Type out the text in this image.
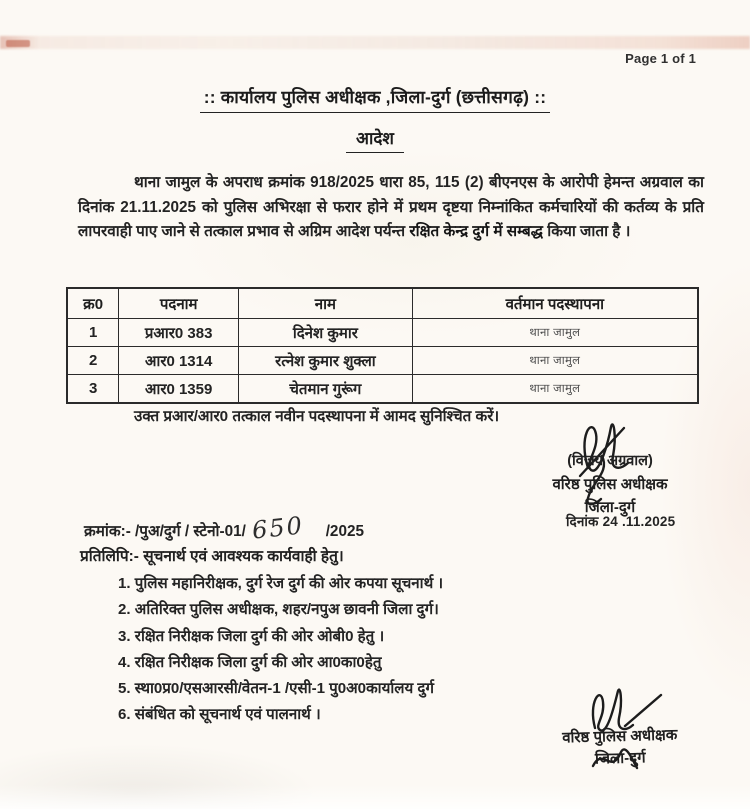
Page 1 of 1
:: कार्यालय पुलिस अधीक्षक ,जिला-दुर्ग (छत्तीसगढ़) ::
आदेश
थाना जामुल के अपराध क्रमांक 918/2025 धारा 85, 115 (2) बीएनएस के आरोपी हेमन्त अग्रवाल का दिनांक 21.11.2025 को पुलिस अभिरक्षा से फरार होने में प्रथम दृष्टया निम्नांकित कर्मचारियों की कर्तव्य के प्रति लापरवाही पाए जाने से तत्काल प्रभाव से अग्रिम आदेश पर्यन्त रक्षित केन्द्र दुर्ग में सम्बद्ध किया जाता है ।
क्र0	पदनाम	नाम	वर्तमान पदस्थापना
1	प्रआर0 383	दिनेश कुमार	थाना जामुल
2	आर0 1314	रत्नेश कुमार शुक्ला	थाना जामुल
3	आर0 1359	चेतमान गुरूंग	थाना जामुल
उक्त प्रआर/आर0 तत्काल नवीन पदस्थापना में आमद सुनिश्चित करें।
(विजय अग्रवाल)
वरिष्ठ पुलिस अधीक्षक
जिला-दुर्ग
दिनांक 24 .11.2025
क्रमांक:- /पुअ/दुर्ग / स्टेनो-01/ 650 /2025
प्रतिलिपि:- सूचनार्थ एवं आवश्यक कार्यवाही हेतु।
1. पुलिस महानिरीक्षक, दुर्ग रेज दुर्ग की ओर कपया सूचनार्थ ।
2. अतिरिक्त पुलिस अधीक्षक, शहर/नपुअ छावनी जिला दुर्ग।
3. रक्षित निरीक्षक जिला दुर्ग की ओर ओबी0 हेतु ।
4. रक्षित निरीक्षक जिला दुर्ग की ओर आ0का0हेतु
5. स्था0प्र0/एसआरसी/वेतन-1 /एसी-1 पु0अ0कार्यालय दुर्ग
6. संबंधित को सूचनार्थ एवं पालनार्थ ।
वरिष्ठ पुलिस अधीक्षक
जिला-दुर्ग
